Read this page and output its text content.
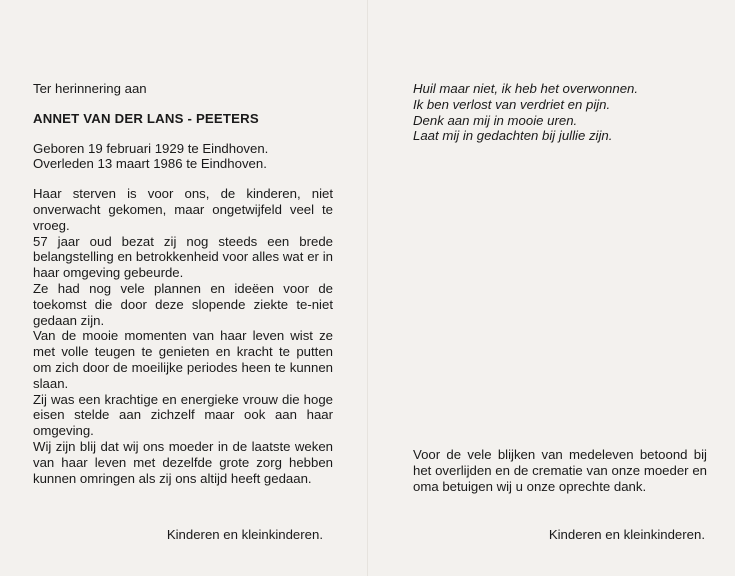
Ter herinnering aan

ANNET VAN DER LANS - PEETERS

Geboren 19 februari 1929 te Eindhoven.

Overleden 13 maart 1986 te Eindhoven.

Haar sterven is voor ons, de kinderen, niet onverwacht gekomen, maar ongetwijfeld veel te vroeg.

57 jaar oud bezat zij nog steeds een brede belangstelling en betrokkenheid voor alles wat er in haar omgeving gebeurde.

Ze had nog vele plannen en ideëen voor de toekomst die door deze slopende ziekte te-niet gedaan zijn.

Van de mooie momenten van haar leven wist ze met volle teugen te genieten en kracht te putten om zich door de moeilijke periodes heen te kunnen slaan.

Zij was een krachtige en energieke vrouw die hoge eisen stelde aan zichzelf maar ook aan haar omgeving.

Wij zijn blij dat wij ons moeder in de laatste weken van haar leven met dezelfde grote zorg hebben kunnen omringen als zij ons altijd heeft gedaan.

Kinderen en kleinkinderen.

Huil maar niet, ik heb het overwonnen.

Ik ben verlost van verdriet en pijn.

Denk aan mij in mooie uren.

Laat mij in gedachten bij jullie zijn.

Voor de vele blijken van medeleven betoond bij het overlijden en de crematie van onze moeder en oma betuigen wij u onze oprechte dank.

Kinderen en kleinkinderen.
